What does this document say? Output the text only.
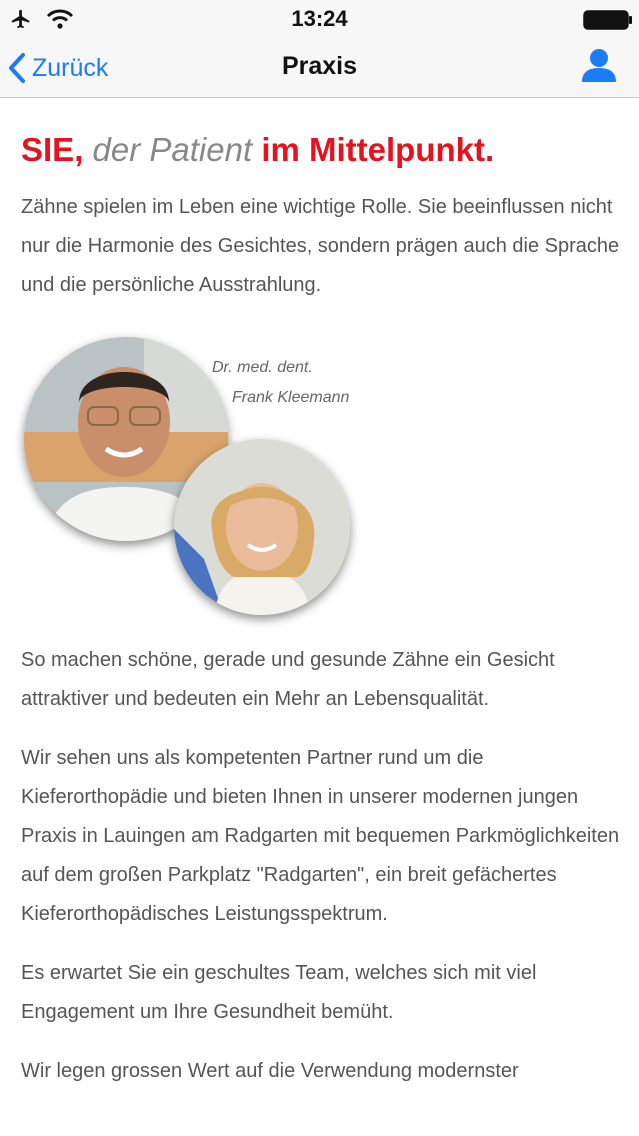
13:24
Zurück	Praxis
SIE, der Patient im Mittelpunkt.

Zähne spielen im Leben eine wichtige Rolle. Sie beeinflussen nicht nur die Harmonie des Gesichtes, sondern prägen auch die Sprache und die persönliche Ausstrahlung.

Dr. med. dent.
Frank Kleemann

So machen schöne, gerade und gesunde Zähne ein Gesicht attraktiver und bedeuten ein Mehr an Lebensqualität.

Wir sehen uns als kompetenten Partner rund um die Kieferorthopädie und bieten Ihnen in unserer modernen jungen Praxis in Lauingen am Radgarten mit bequemen Parkmöglichkeiten auf dem großen Parkplatz "Radgarten", ein breit gefächertes Kieferorthopädisches Leistungsspektrum.

Es erwartet Sie ein geschultes Team, welches sich mit viel Engagement um Ihre Gesundheit bemüht.

Wir legen grossen Wert auf die Verwendung modernster
